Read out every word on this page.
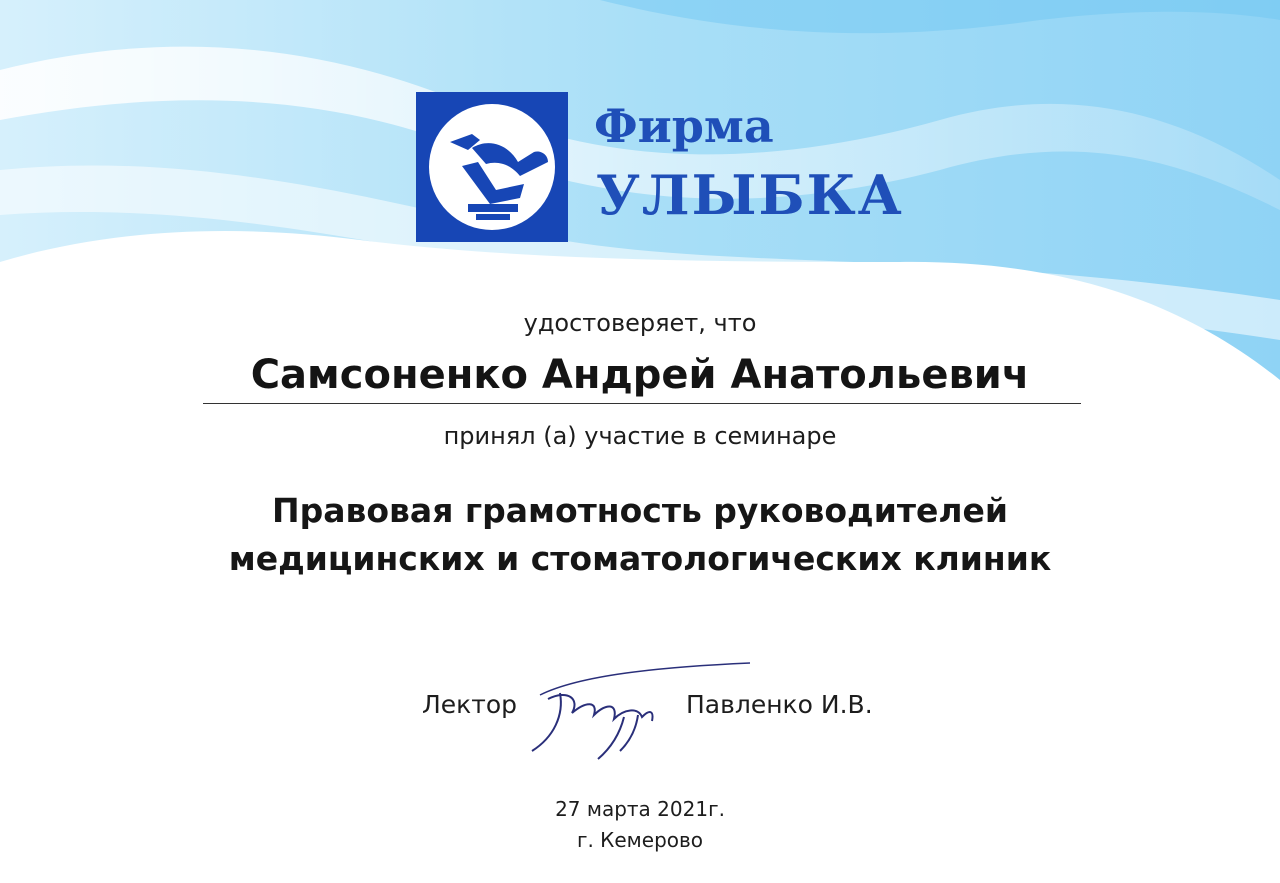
Фирма
УЛЫБКА
удостоверяет, что
Самсоненко Андрей Анатольевич
принял (а) участие в семинаре
Правовая грамотность руководителей
медицинских и стоматологических клиник
Лектор	Павленко И.В.
27 марта 2021г.
г. Кемерово
